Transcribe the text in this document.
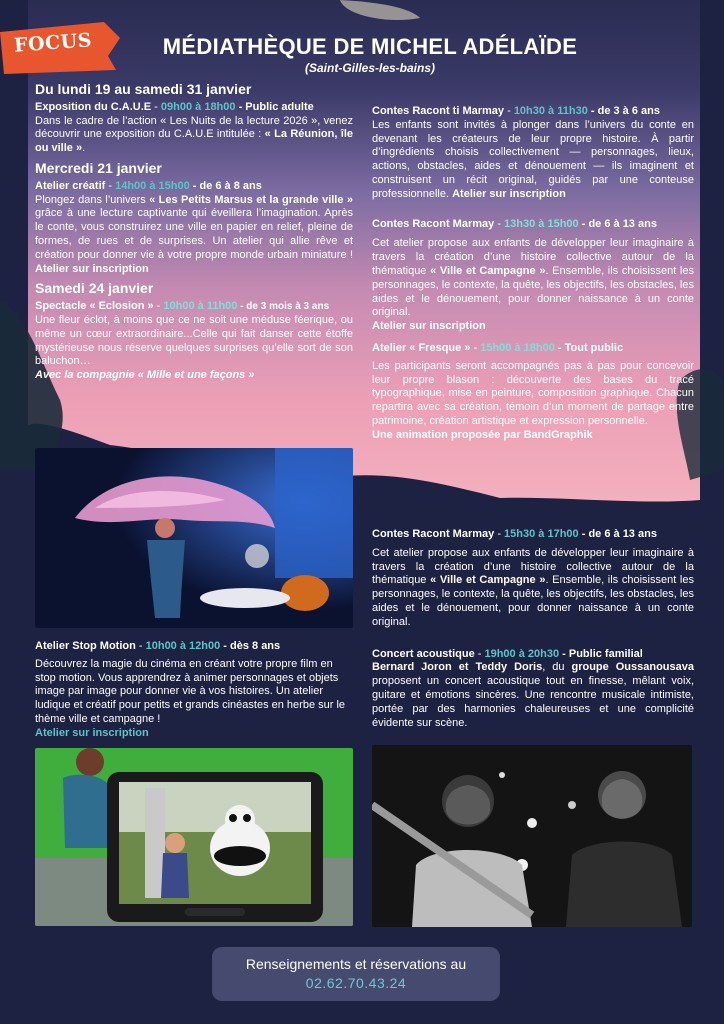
FOCUS	MÉDIATHÈQUE DE MICHEL ADÉLAÏDE
(Saint-Gilles-les-bains)
Du lundi 19 au samedi 31 janvier

Exposition du C.A.U.E - 09h00 à 18h00 - Public adulte

Dans le cadre de l’action « Les Nuits de la lecture 2026 », venez découvrir une exposition du C.A.U.E intitulée : « La Réunion, île ou ville ».

Mercredi 21 janvier

Atelier créatif - 14h00 à 15h00 - de 6 à 8 ans

Plongez dans l’univers « Les Petits Marsus et la grande ville » grâce à une lecture captivante qui éveillera l’imagination. Après le conte, vous construirez une ville en papier en relief, pleine de formes, de rues et de surprises. Un atelier qui allie rêve et création pour donner vie à votre propre monde urbain miniature ! Atelier sur inscription

Samedi 24 janvier

Spectacle « Eclosion » - 10h00 à 11h00 - de 3 mois à 3 ans

Une fleur éclot, à moins que ce ne soit une méduse féerique, ou même un cœur extraordinaire...Celle qui fait danser cette étoffe mystérieuse nous réserve quelques surprises qu’elle sort de son baluchon…

Avec la compagnie « Mille et une façons »

Contes Racont ti Marmay - 10h30 à 11h30 - de 3 à 6 ans

Les enfants sont invités à plonger dans l’univers du conte en devenant les créateurs de leur propre histoire. À partir d’ingrédients choisis collectivement — personnages, lieux, actions, obstacles, aides et dénouement — ils imaginent et construisent un récit original, guidés par une conteuse professionnelle. Atelier sur inscription

Contes Racont Marmay - 13h30 à 15h00 - de 6 à 13 ans

Cet atelier propose aux enfants de développer leur imaginaire à travers la création d’une histoire collective autour de la thématique « Ville et Campagne ». Ensemble, ils choisissent les personnages, le contexte, la quête, les objectifs, les obstacles, les aides et le dénouement, pour donner naissance à un conte original.

Atelier sur inscription

Atelier « Fresque » - 15h00 à 18h00 - Tout public

Les participants seront accompagnés pas à pas pour concevoir leur propre blason : découverte des bases du tracé typographique, mise en peinture, composition graphique. Chacun repartira avec sa création, témoin d’un moment de partage entre patrimoine, création artistique et expression personnelle.

Une animation proposée par BandGraphik

Contes Racont Marmay - 15h30 à 17h00 - de 6 à 13 ans

Cet atelier propose aux enfants de développer leur imaginaire à travers la création d’une histoire collective autour de la thématique « Ville et Campagne ». Ensemble, ils choisissent les personnages, le contexte, la quête, les objectifs, les obstacles, les aides et le dénouement, pour donner naissance à un conte original.

Concert acoustique - 19h00 à 20h30 - Public familial

Bernard Joron et Teddy Doris, du groupe Oussanousava proposent un concert acoustique tout en finesse, mêlant voix, guitare et émotions sincères. Une rencontre musicale intimiste, portée par des harmonies chaleureuses et une complicité évidente sur scène.

Atelier Stop Motion - 10h00 à 12h00 - dès 8 ans

Découvrez la magie du cinéma en créant votre propre film en stop motion. Vous apprendrez à animer personnages et objets image par image pour donner vie à vos histoires. Un atelier ludique et créatif pour petits et grands cinéastes en herbe sur le thème ville et campagne !

Atelier sur inscription

Renseignements et réservations au
02.62.70.43.24
